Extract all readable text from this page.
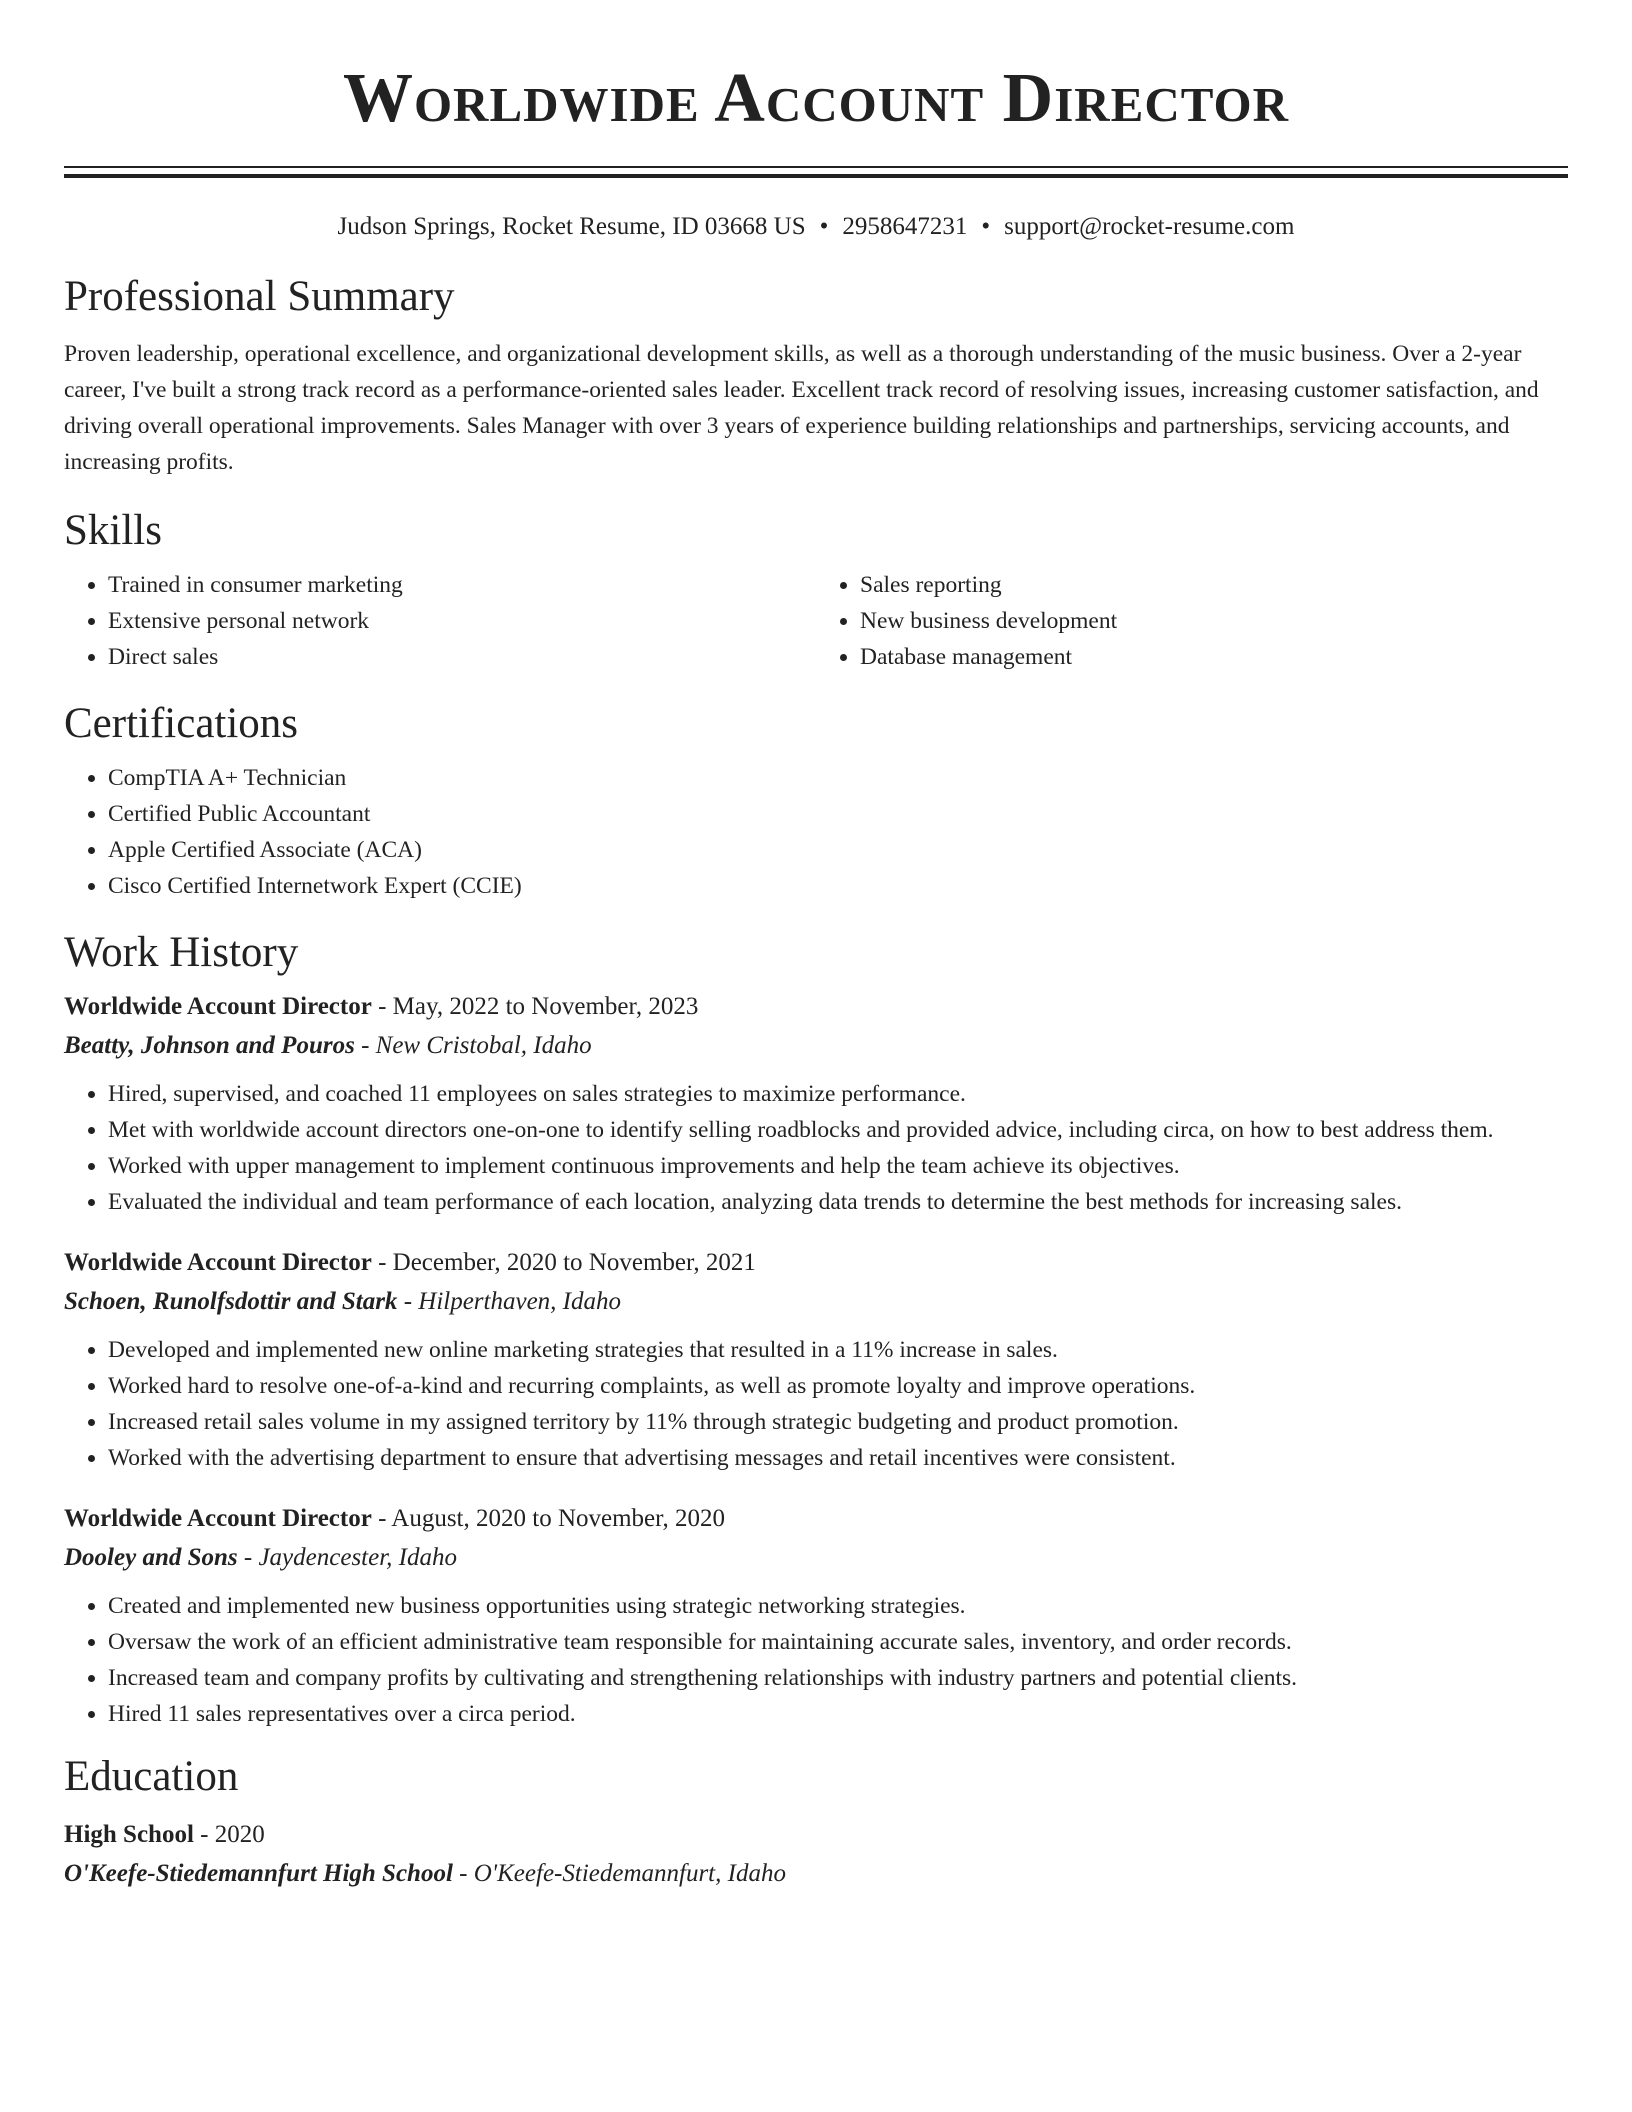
Worldwide Account Director
Judson Springs, Rocket Resume, ID 03668 US • 2958647231 • support@rocket-resume.com
Professional Summary

Proven leadership, operational excellence, and organizational development skills, as well as a thorough understanding of the music business. Over a 2-year career, I've built a strong track record as a performance-oriented sales leader. Excellent track record of resolving issues, increasing customer satisfaction, and driving overall operational improvements. Sales Manager with over 3 years of experience building relationships and partnerships, servicing accounts, and increasing profits.

Skills
• Trained in consumer marketing
• Extensive personal network
• Direct sales
• Sales reporting
• New business development
• Database management
Certifications
• CompTIA A+ Technician
• Certified Public Accountant
• Apple Certified Associate (ACA)
• Cisco Certified Internetwork Expert (CCIE)
Work History
Worldwide Account Director - May, 2022 to November, 2023
Beatty, Johnson and Pouros - New Cristobal, Idaho
• Hired, supervised, and coached 11 employees on sales strategies to maximize performance.
• Met with worldwide account directors one-on-one to identify selling roadblocks and provided advice, including circa, on how to best address them.
• Worked with upper management to implement continuous improvements and help the team achieve its objectives.
• Evaluated the individual and team performance of each location, analyzing data trends to determine the best methods for increasing sales.
Worldwide Account Director - December, 2020 to November, 2021
Schoen, Runolfsdottir and Stark - Hilperthaven, Idaho
• Developed and implemented new online marketing strategies that resulted in a 11% increase in sales.
• Worked hard to resolve one-of-a-kind and recurring complaints, as well as promote loyalty and improve operations.
• Increased retail sales volume in my assigned territory by 11% through strategic budgeting and product promotion.
• Worked with the advertising department to ensure that advertising messages and retail incentives were consistent.
Worldwide Account Director - August, 2020 to November, 2020
Dooley and Sons - Jaydencester, Idaho
• Created and implemented new business opportunities using strategic networking strategies.
• Oversaw the work of an efficient administrative team responsible for maintaining accurate sales, inventory, and order records.
• Increased team and company profits by cultivating and strengthening relationships with industry partners and potential clients.
• Hired 11 sales representatives over a circa period.
Education
High School - 2020
O'Keefe-Stiedemannfurt High School - O'Keefe-Stiedemannfurt, Idaho
